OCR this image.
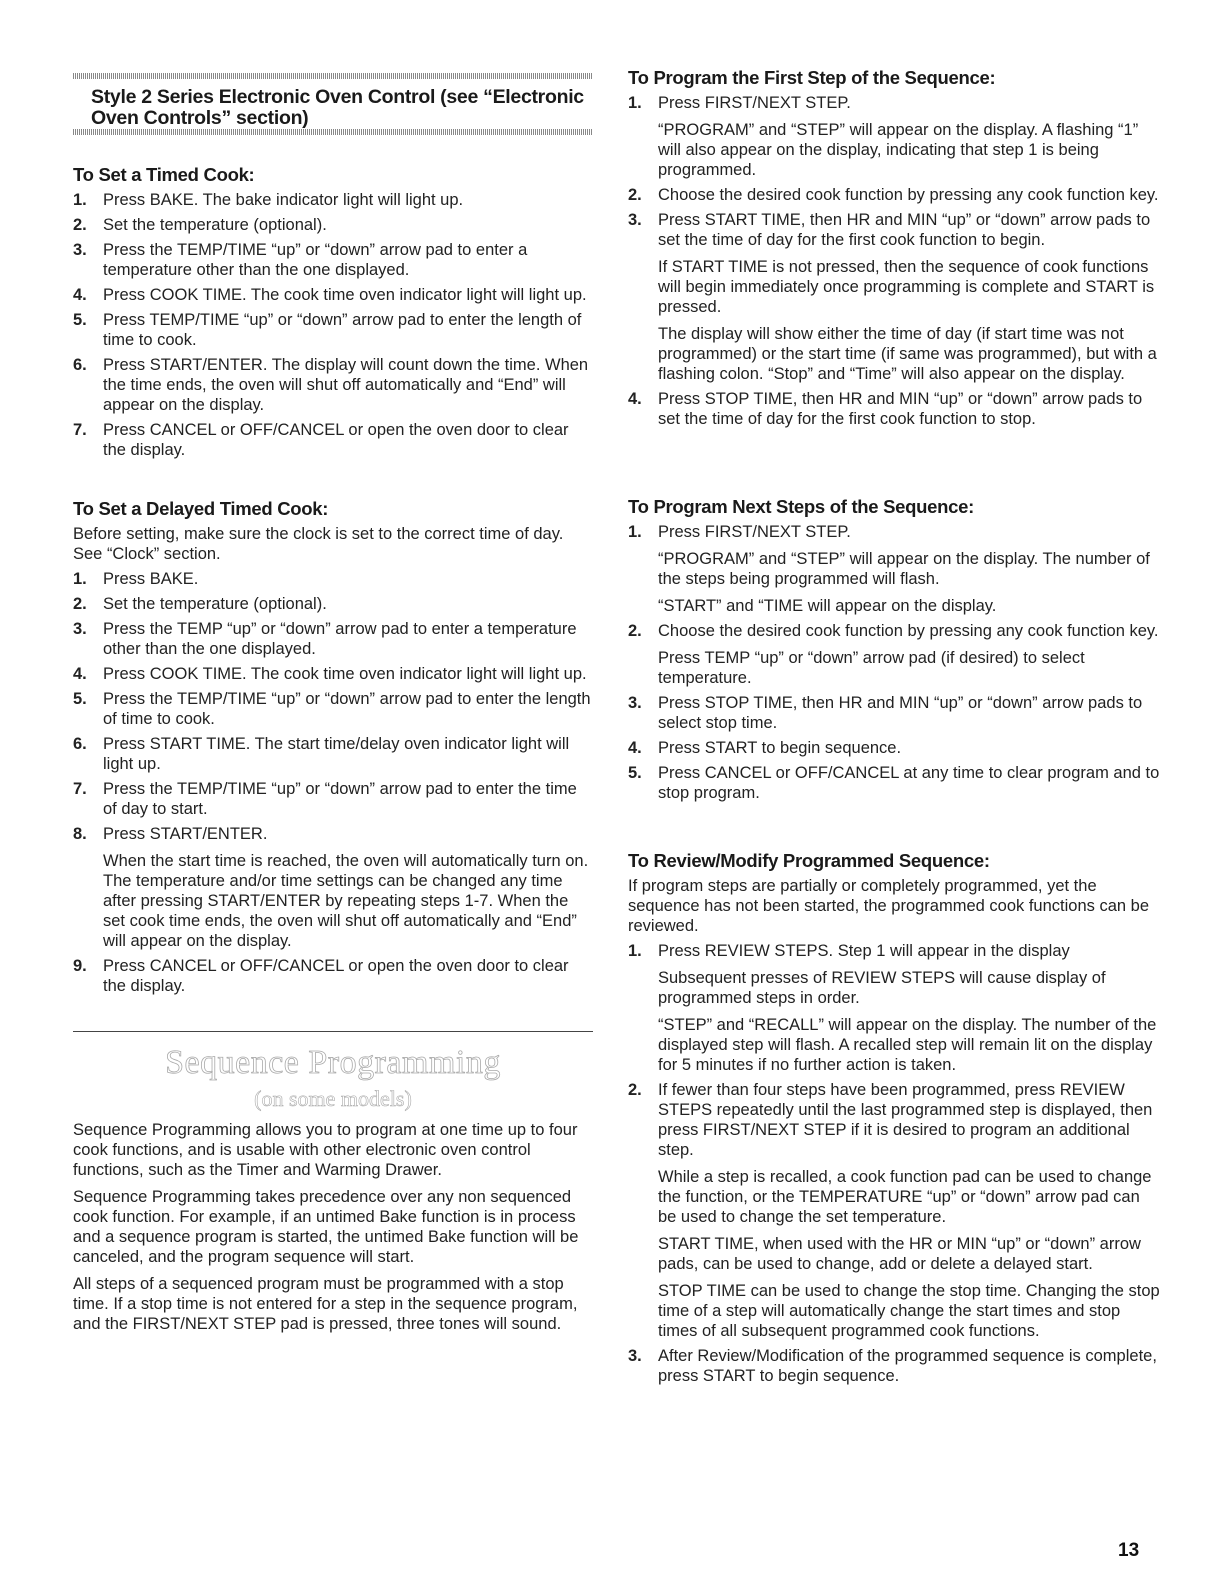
Style 2 Series Electronic Oven Control (see “Electronic Oven Controls” section)
To Set a Timed Cook:
1. Press BAKE. The bake indicator light will light up.

2. Set the temperature (optional).

3. Press the TEMP/TIME “up” or “down” arrow pad to enter a temperature other than the one displayed.

4. Press COOK TIME. The cook time oven indicator light will light up.

5. Press TEMP/TIME “up” or “down” arrow pad to enter the length of time to cook.

6. Press START/ENTER. The display will count down the time. When the time ends, the oven will shut off automatically and “End” will appear on the display.

7. Press CANCEL or OFF/CANCEL or open the oven door to clear the display.

To Set a Delayed Timed Cook:

Before setting, make sure the clock is set to the correct time of day. See “Clock” section.

1. Press BAKE.

2. Set the temperature (optional).

3. Press the TEMP “up” or “down” arrow pad to enter a temperature other than the one displayed.

4. Press COOK TIME. The cook time oven indicator light will light up.

5. Press the TEMP/TIME “up” or “down” arrow pad to enter the length of time to cook.

6. Press START TIME. The start time/delay oven indicator light will light up.

7. Press the TEMP/TIME “up” or “down” arrow pad to enter the time of day to start.

8. Press START/ENTER.

When the start time is reached, the oven will automatically turn on. The temperature and/or time settings can be changed any time after pressing START/ENTER by repeating steps 1-7. When the set cook time ends, the oven will shut off automatically and “End” will appear on the display.

9. Press CANCEL or OFF/CANCEL or open the oven door to clear the display.

Sequence Programming
(on some models)

Sequence Programming allows you to program at one time up to four cook functions, and is usable with other electronic oven control functions, such as the Timer and Warming Drawer.

Sequence Programming takes precedence over any non sequenced cook function. For example, if an untimed Bake function is in process and a sequence program is started, the untimed Bake function will be canceled, and the program sequence will start.

All steps of a sequenced program must be programmed with a stop time. If a stop time is not entered for a step in the sequence program, and the FIRST/NEXT STEP pad is pressed, three tones will sound.

To Program the First Step of the Sequence:
1. Press FIRST/NEXT STEP.

“PROGRAM” and “STEP” will appear on the display. A flashing “1” will also appear on the display, indicating that step 1 is being programmed.

2. Choose the desired cook function by pressing any cook function key.

3. Press START TIME, then HR and MIN “up” or “down” arrow pads to set the time of day for the first cook function to begin.

If START TIME is not pressed, then the sequence of cook functions will begin immediately once programming is complete and START is pressed.

The display will show either the time of day (if start time was not programmed) or the start time (if same was programmed), but with a flashing colon. “Stop” and “Time” will also appear on the display.

4. Press STOP TIME, then HR and MIN “up” or “down” arrow pads to set the time of day for the first cook function to stop.

To Program Next Steps of the Sequence:
1. Press FIRST/NEXT STEP.

“PROGRAM” and “STEP” will appear on the display. The number of the steps being programmed will flash.

“START” and “TIME will appear on the display.

2. Choose the desired cook function by pressing any cook function key.

Press TEMP “up” or “down” arrow pad (if desired) to select temperature.

3. Press STOP TIME, then HR and MIN “up” or “down” arrow pads to select stop time.

4. Press START to begin sequence.

5. Press CANCEL or OFF/CANCEL at any time to clear program and to stop program.

To Review/Modify Programmed Sequence:

If program steps are partially or completely programmed, yet the sequence has not been started, the programmed cook functions can be reviewed.

1. Press REVIEW STEPS. Step 1 will appear in the display

Subsequent presses of REVIEW STEPS will cause display of programmed steps in order.

“STEP” and “RECALL” will appear on the display. The number of the displayed step will flash. A recalled step will remain lit on the display for 5 minutes if no further action is taken.

2. If fewer than four steps have been programmed, press REVIEW STEPS repeatedly until the last programmed step is displayed, then press FIRST/NEXT STEP if it is desired to program an additional step.

While a step is recalled, a cook function pad can be used to change the function, or the TEMPERATURE “up” or “down” arrow pad can be used to change the set temperature.

START TIME, when used with the HR or MIN “up” or “down” arrow pads, can be used to change, add or delete a delayed start.

STOP TIME can be used to change the stop time. Changing the stop time of a step will automatically change the start times and stop times of all subsequent programmed cook functions.

3. After Review/Modification of the programmed sequence is complete, press START to begin sequence.

13
